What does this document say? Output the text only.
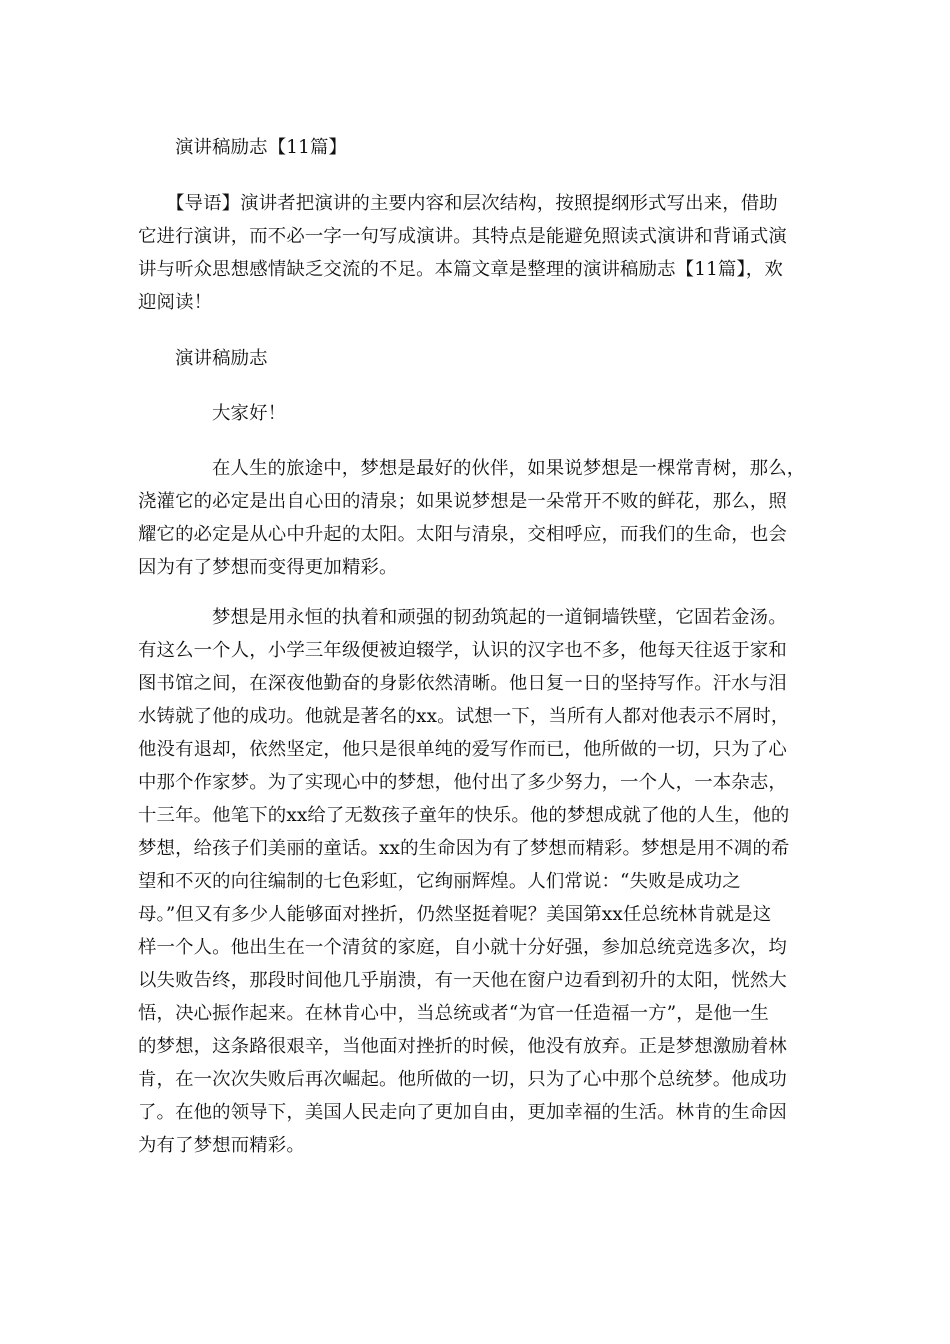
演讲稿励志【11篇】
【导语】演讲者把演讲的主要内容和层次结构，按照提纲形式写出来，借助
它进行演讲，而不必一字一句写成演讲。其特点是能避免照读式演讲和背诵式演
讲与听众思想感情缺乏交流的不足。本篇文章是整理的演讲稿励志【11篇】，欢
迎阅读！
演讲稿励志
大家好！
在人生的旅途中，梦想是最好的伙伴，如果说梦想是一棵常青树，那么，
浇灌它的必定是出自心田的清泉；如果说梦想是一朵常开不败的鲜花，那么，照
耀它的必定是从心中升起的太阳。太阳与清泉，交相呼应，而我们的生命，也会
因为有了梦想而变得更加精彩。
梦想是用永恒的执着和顽强的韧劲筑起的一道铜墙铁壁，它固若金汤。
有这么一个人，小学三年级便被迫辍学，认识的汉字也不多，他每天往返于家和
图书馆之间，在深夜他勤奋的身影依然清晰。他日复一日的坚持写作。汗水与泪
水铸就了他的成功。他就是著名的xx。试想一下，当所有人都对他表示不屑时，
他没有退却，依然坚定，他只是很单纯的爱写作而已，他所做的一切，只为了心
中那个作家梦。为了实现心中的梦想，他付出了多少努力，一个人，一本杂志，
十三年。他笔下的xx给了无数孩子童年的快乐。他的梦想成就了他的人生，他的
梦想，给孩子们美丽的童话。xx的生命因为有了梦想而精彩。梦想是用不凋的希
望和不灭的向往编制的七色彩虹，它绚丽辉煌。人们常说：“失败是成功之
母。”但又有多少人能够面对挫折，仍然坚挺着呢？美国第xx任总统林肯就是这
样一个人。他出生在一个清贫的家庭，自小就十分好强，参加总统竞选多次，均
以失败告终，那段时间他几乎崩溃，有一天他在窗户边看到初升的太阳，恍然大
悟，决心振作起来。在林肯心中，当总统或者“为官一任造福一方”，是他一生
的梦想，这条路很艰辛，当他面对挫折的时候，他没有放弃。正是梦想激励着林
肯，在一次次失败后再次崛起。他所做的一切，只为了心中那个总统梦。他成功
了。在他的领导下，美国人民走向了更加自由，更加幸福的生活。林肯的生命因
为有了梦想而精彩。
